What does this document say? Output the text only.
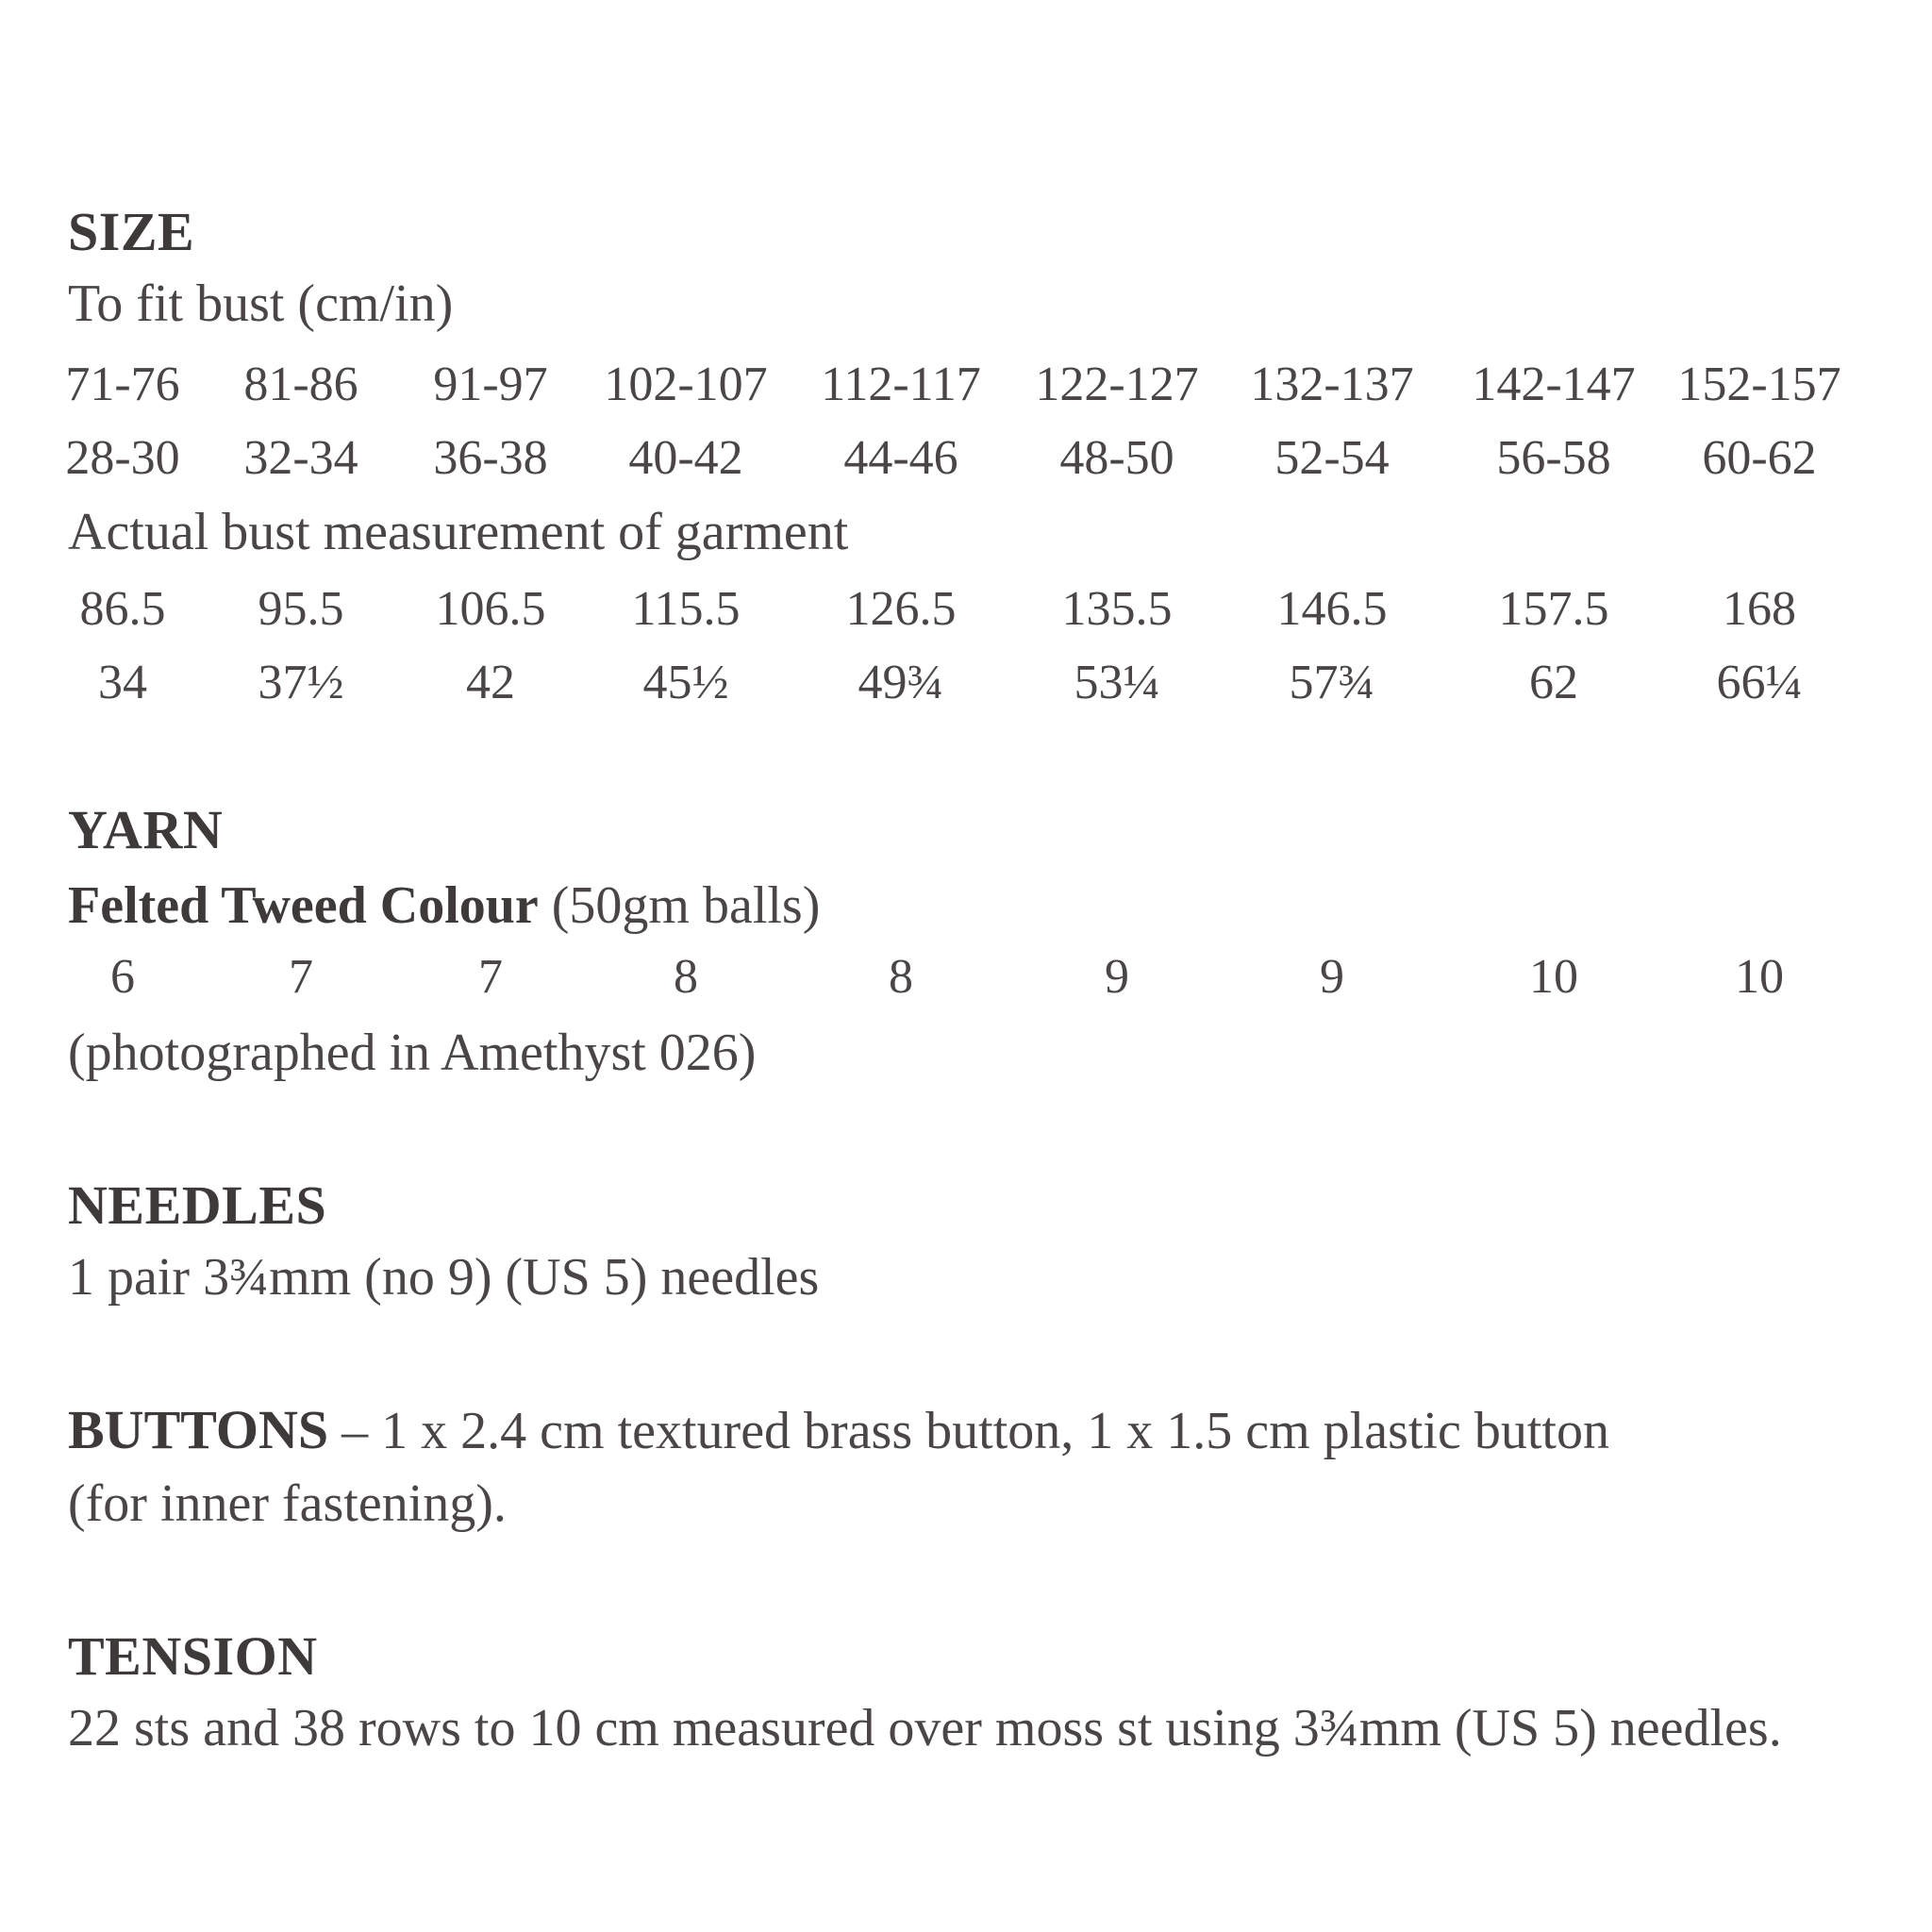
SIZE
To fit bust (cm/in)
71-76	81-86	91-97	102-107 112-117 122-127 132-137 142-147 152-157
28-30	32-34	36-38	40-42	44-46	48-50	52-54	56-58	60-62
Actual bust measurement of garment
86.5	95.5	106.5	115.5	126.5	135.5	146.5	157.5	168
34	37½	42	45½	49¾	53¼	57¾	62	66¼
YARN
Felted Tweed Colour (50gm balls)
6	7	7	8	8	9	9	10	10
(photographed in Amethyst 026)
NEEDLES
1 pair 3¾mm (no 9) (US 5) needles
BUTTONS – 1 x 2.4 cm textured brass button, 1 x 1.5 cm plastic button
(for inner fastening).
TENSION
22 sts and 38 rows to 10 cm measured over moss st using 3¾mm (US 5) needles.
